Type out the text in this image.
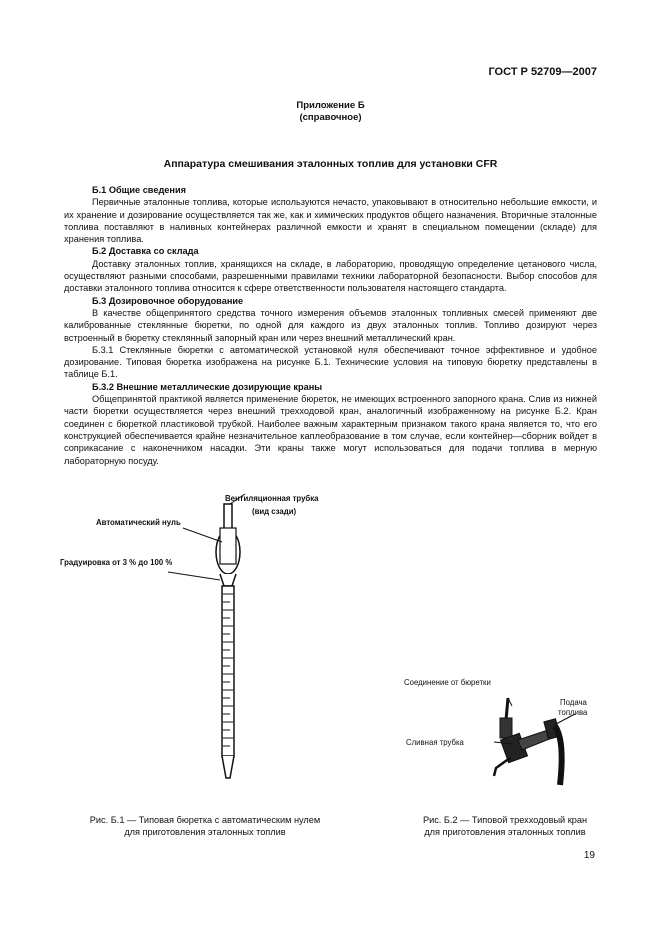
ГОСТ Р 52709—2007
Приложение Б
(справочное)
Аппаратура смешивания эталонных топлив для установки CFR
Б.1 Общие сведения

Первичные эталонные топлива, которые используются нечасто, упаковывают в относительно небольшие емкости, и их хранение и дозирование осуществляется так же, как и химических продуктов общего назначения. Вторичные эталонные топлива поставляют в наливных контейнерах различной емкости и хранят в специальном помещении (складе) для хранения топлива.

Б.2 Доставка со склада

Доставку эталонных топлив, хранящихся на складе, в лабораторию, проводящую определение цетанового числа, осуществляют разными способами, разрешенными правилами техники лабораторной безопасности. Выбор способов для доставки эталонного топлива относится к сфере ответственности пользователя настоящего стандарта.

Б.3 Дозировочное оборудование

В качестве общепринятого средства точного измерения объемов эталонных топливных смесей применяют две калиброванные стеклянные бюретки, по одной для каждого из двух эталонных топлив. Топливо дозируют через встроенный в бюретку стеклянный запорный кран или через внешний металлический кран.

Б.3.1 Стеклянные бюретки с автоматической установкой нуля обеспечивают точное эффективное и удобное дозирование. Типовая бюретка изображена на рисунке Б.1. Технические условия на типовую бюретку представлены в таблице Б.1.

Б.3.2 Внешние металлические дозирующие краны

Общепринятой практикой является применение бюреток, не имеющих встроенного запорного крана. Слив из нижней части бюретки осуществляется через внешний трехходовой кран, аналогичный изображенному на рисунке Б.2. Кран соединен с бюреткой пластиковой трубкой. Наиболее важным характерным признаком такого крана является то, что его конструкцией обеспечивается крайне незначительное каплеобразование в том случае, если контейнер—сборник войдет в соприкасание с наконечником насадки. Эти краны также могут использоваться для подачи топлива в мерную лабораторную посуду.

Вентиляционная трубка
(вид сзади)
Автоматический нуль
Градуировка от 3 % до 100 %
Рис. Б.1 — Типовая бюретка с автоматическим нулем
для приготовления эталонных топлив
Соединение от бюретки
Подача
топлива
Сливная трубка
Рис. Б.2 — Типовой трехходовый кран
для приготовления эталонных топлив
19
